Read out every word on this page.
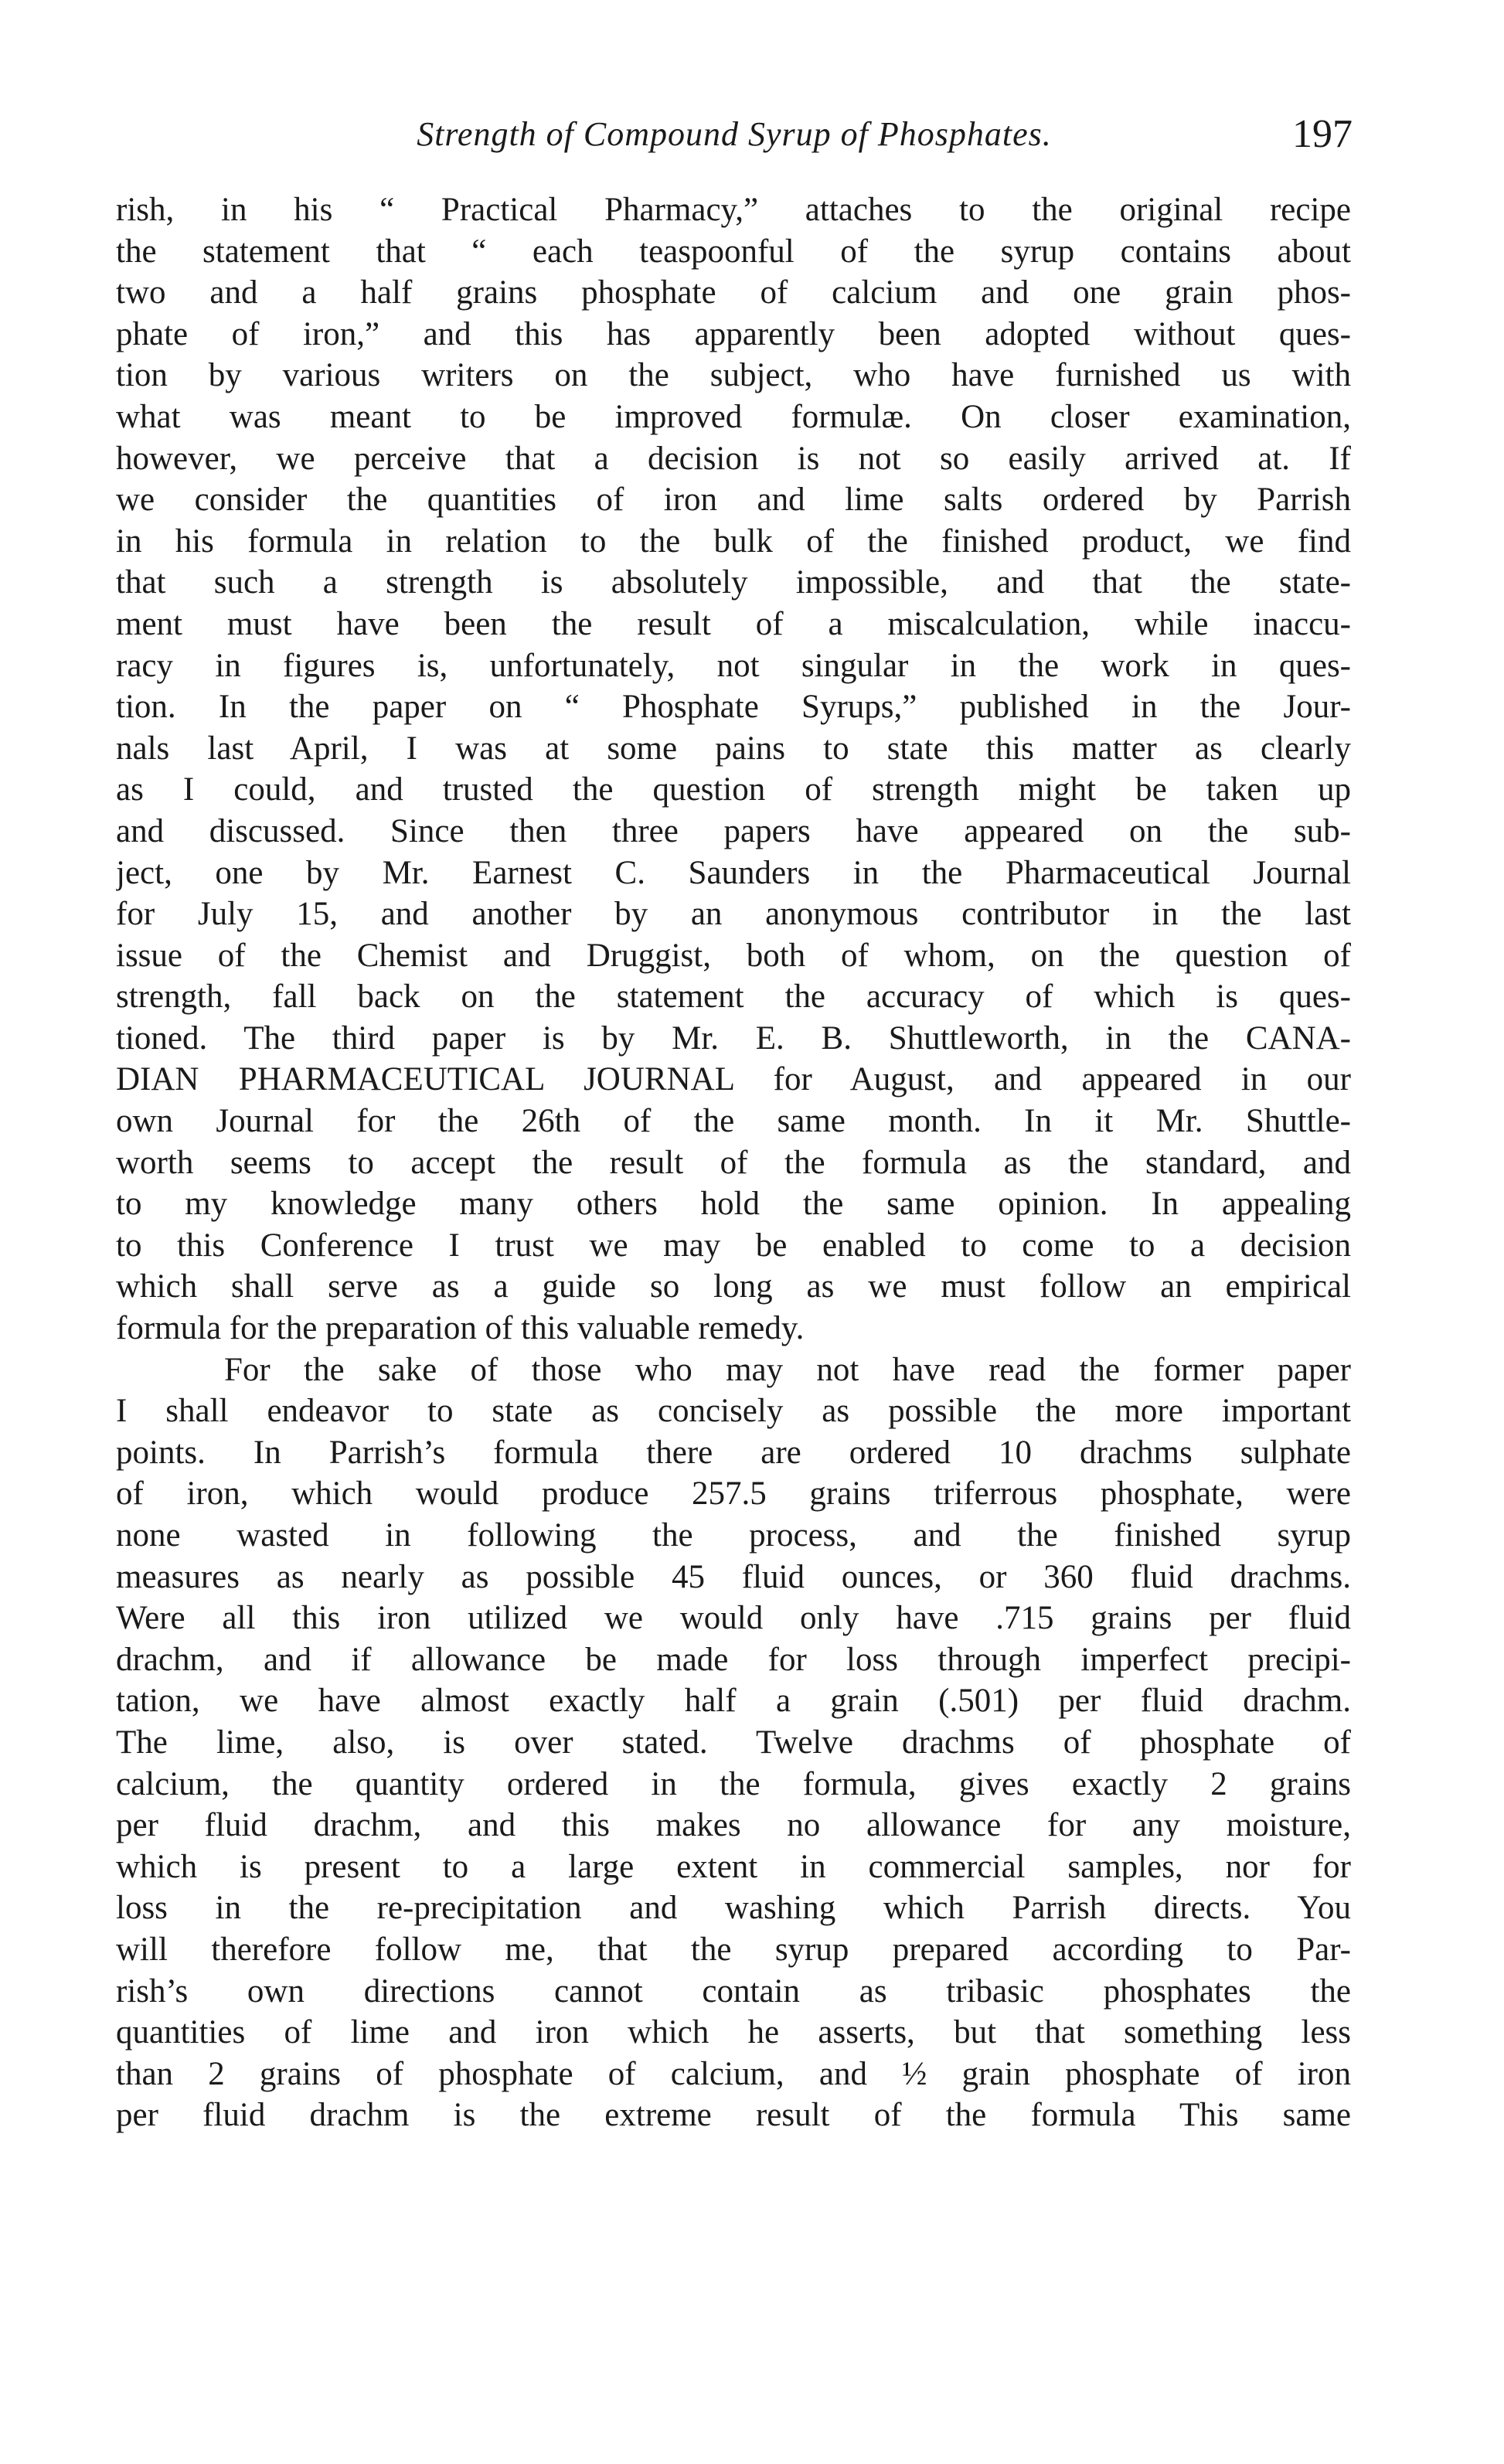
Strength of Compound Syrup of Phosphates.	197
rish, in his “ Practical Pharmacy,” attaches to the original recipe
the statement that “ each teaspoonful of the syrup contains about
two and a half grains phosphate of calcium and one grain phos-
phate of iron,” and this has apparently been adopted without ques-
tion by various writers on the subject, who have furnished us with
what was meant to be improved formulæ. On closer examination,
however, we perceive that a decision is not so easily arrived at. If
we consider the quantities of iron and lime salts ordered by Parrish
in his formula in relation to the bulk of the finished product, we find
that such a strength is absolutely impossible, and that the state-
ment must have been the result of a miscalculation, while inaccu-
racy in figures is, unfortunately, not singular in the work in ques-
tion. In the paper on “ Phosphate Syrups,” published in the Jour-
nals last April, I was at some pains to state this matter as clearly
as I could, and trusted the question of strength might be taken up
and discussed. Since then three papers have appeared on the sub-
ject, one by Mr. Earnest C. Saunders in the Pharmaceutical Journal
for July 15, and another by an anonymous contributor in the last
issue of the Chemist and Druggist, both of whom, on the question of
strength, fall back on the statement the accuracy of which is ques-
tioned. The third paper is by Mr. E. B. Shuttleworth, in the CANA-
DIAN PHARMACEUTICAL JOURNAL for August, and appeared in our
own Journal for the 26th of the same month. In it Mr. Shuttle-
worth seems to accept the result of the formula as the standard, and
to my knowledge many others hold the same opinion. In appealing
to this Conference I trust we may be enabled to come to a decision
which shall serve as a guide so long as we must follow an empirical
formula for the preparation of this valuable remedy.
For the sake of those who may not have read the former paper
I shall endeavor to state as concisely as possible the more important
points. In Parrish’s formula there are ordered 10 drachms sulphate
of iron, which would produce 257.5 grains triferrous phosphate, were
none wasted in following the process, and the finished syrup
measures as nearly as possible 45 fluid ounces, or 360 fluid drachms.
Were all this iron utilized we would only have .715 grains per fluid
drachm, and if allowance be made for loss through imperfect precipi-
tation, we have almost exactly half a grain (.501) per fluid drachm.
The lime, also, is over stated. Twelve drachms of phosphate of
calcium, the quantity ordered in the formula, gives exactly 2 grains
per fluid drachm, and this makes no allowance for any moisture,
which is present to a large extent in commercial samples, nor for
loss in the re-precipitation and washing which Parrish directs. You
will therefore follow me, that the syrup prepared according to Par-
rish’s own directions cannot contain as tribasic phosphates the
quantities of lime and iron which he asserts, but that something less
than 2 grains of phosphate of calcium, and ½ grain phosphate of iron
per fluid drachm is the extreme result of the formula This same
